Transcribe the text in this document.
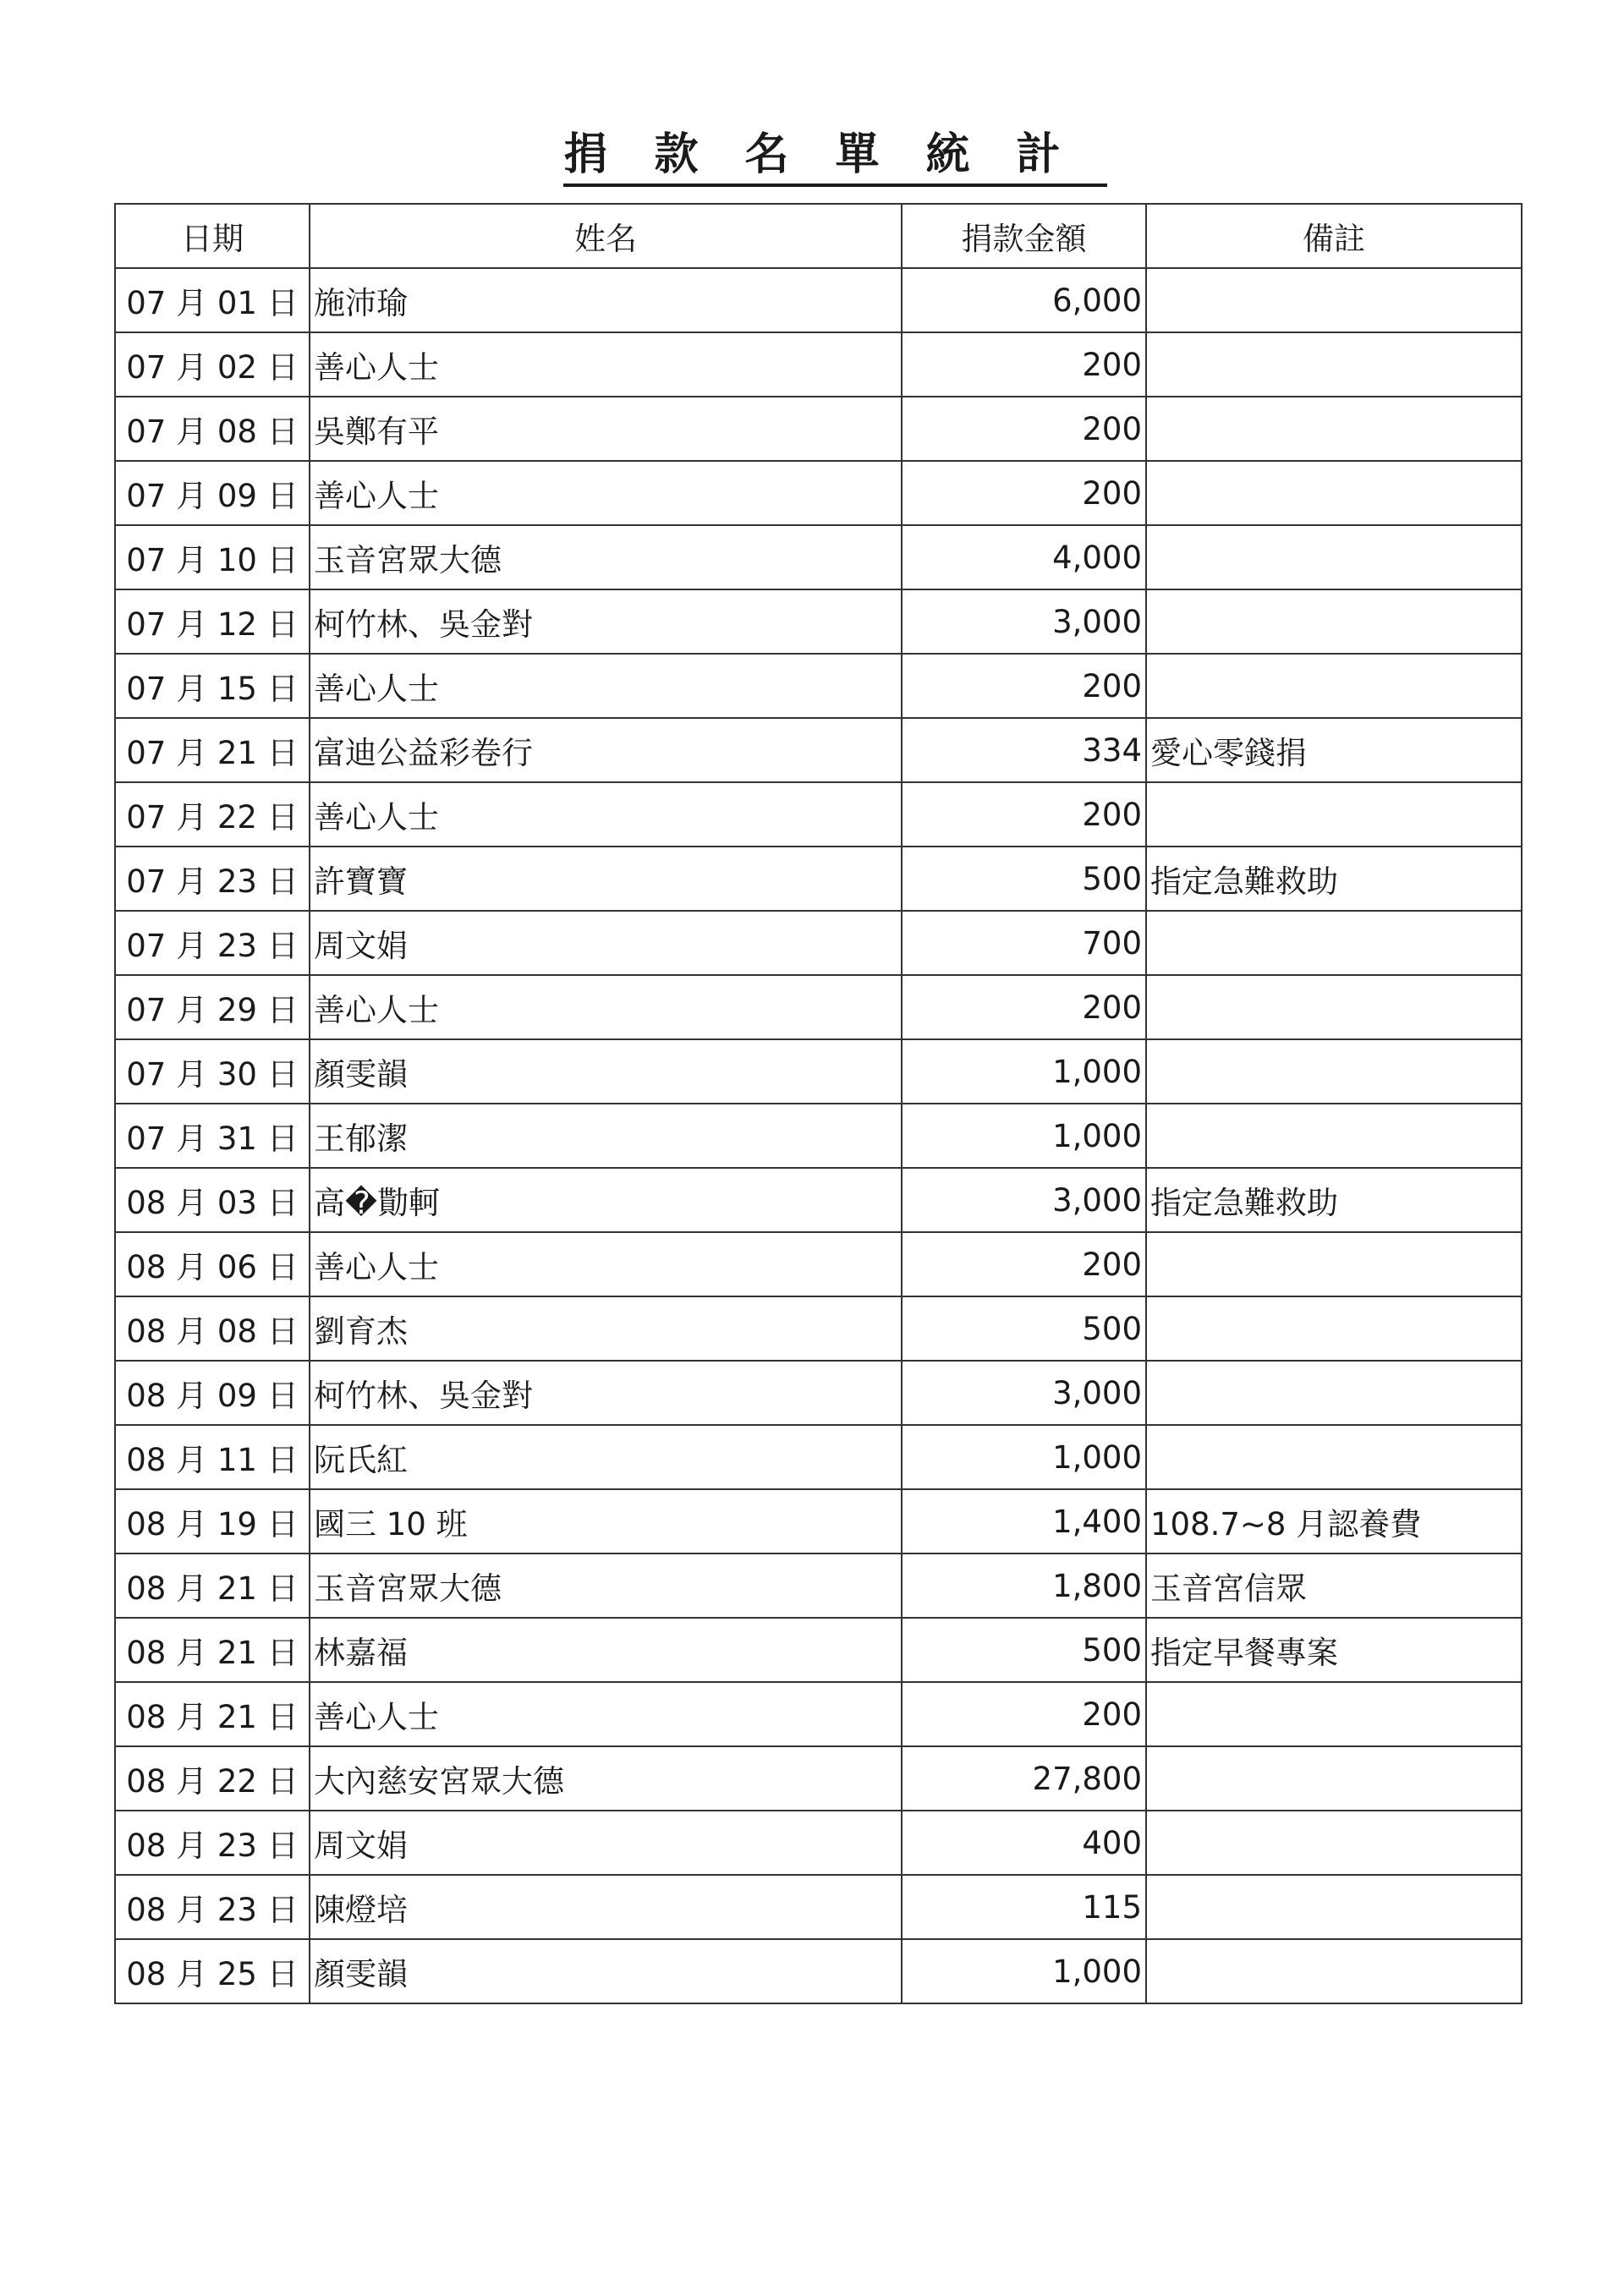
捐款名單統計
日期	姓名	捐款金額	備註
07 月 01 日	施沛瑜	6,000	
07 月 02 日	善心人士	200	
07 月 08 日	吳鄭有平	200	
07 月 09 日	善心人士	200	
07 月 10 日	玉音宮眾大德	4,000	
07 月 12 日	柯竹林、吳金對	3,000	
07 月 15 日	善心人士	200	
07 月 21 日	富迪公益彩卷行	334	愛心零錢捐
07 月 22 日	善心人士	200	
07 月 23 日	許寶寶	500	指定急難救助
07 月 23 日	周文娟	700	
07 月 29 日	善心人士	200	
07 月 30 日	顏雯韻	1,000	
07 月 31 日	王郁潔	1,000	
08 月 03 日	高�勩軻	3,000	指定急難救助
08 月 06 日	善心人士	200	
08 月 08 日	劉育杰	500	
08 月 09 日	柯竹林、吳金對	3,000	
08 月 11 日	阮氏紅	1,000	
08 月 19 日	國三 10 班	1,400	108.7~8 月認養費
08 月 21 日	玉音宮眾大德	1,800	玉音宮信眾
08 月 21 日	林嘉福	500	指定早餐專案
08 月 21 日	善心人士	200	
08 月 22 日	大內慈安宮眾大德	27,800	
08 月 23 日	周文娟	400	
08 月 23 日	陳燈培	115	
08 月 25 日	顏雯韻	1,000	
